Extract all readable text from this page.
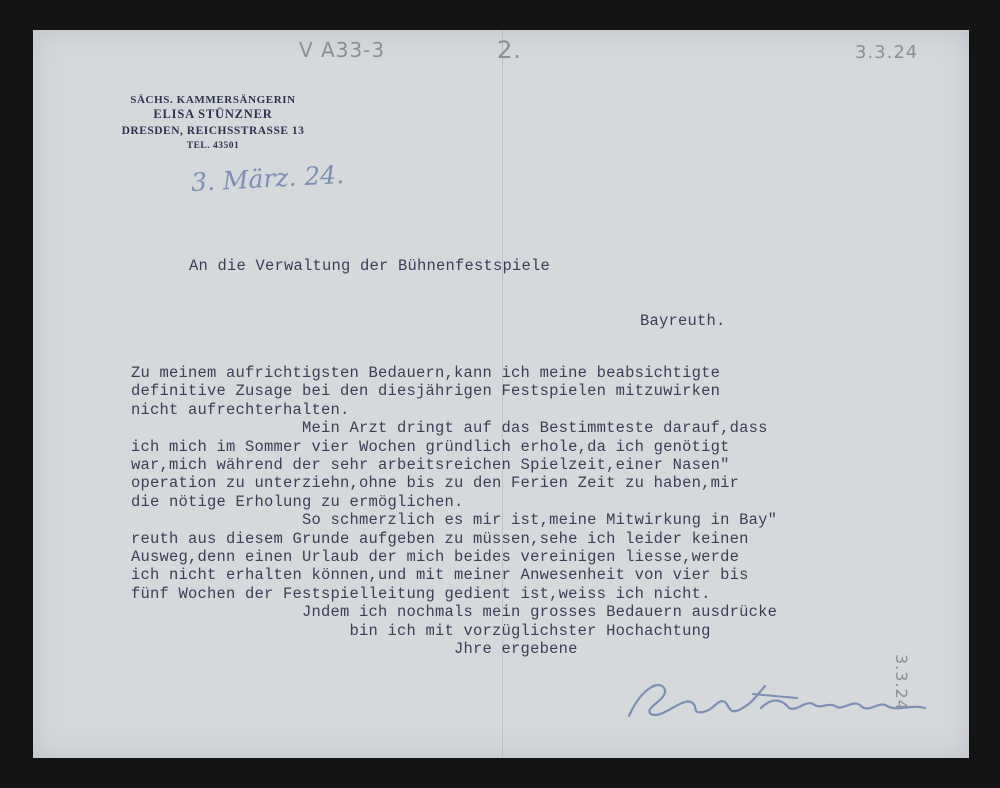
V A33-3	2.	3.3.24
3.3.24
SÄCHS. KAMMERSÄNGERIN
ELISA STÜNZNER
DRESDEN, REICHSSTRASSE 13
TEL. 43501
3. März. 24.
An die Verwaltung der Bühnenfestspiele
Bayreuth.
Zu meinem aufrichtigsten Bedauern,kann ich meine beabsichtigte
definitive Zusage bei den diesjährigen Festspielen mitzuwirken
nicht aufrechterhalten.
Mein Arzt dringt auf das Bestimmteste darauf,dass
ich mich im Sommer vier Wochen gründlich erhole,da ich genötigt
war,mich während der sehr arbeitsreichen Spielzeit,einer Nasen"
operation zu unterziehn,ohne bis zu den Ferien Zeit zu haben,mir
die nötige Erholung zu ermöglichen.
So schmerzlich es mir ist,meine Mitwirkung in Bay"
reuth aus diesem Grunde aufgeben zu müssen,sehe ich leider keinen
Ausweg,denn einen Urlaub der mich beides vereinigen liesse,werde
ich nicht erhalten können,und mit meiner Anwesenheit von vier bis
fünf Wochen der Festspielleitung gedient ist,weiss ich nicht.
Jndem ich nochmals mein grosses Bedauern ausdrücke
bin ich mit vorzüglichster Hochachtung
Jhre ergebene
